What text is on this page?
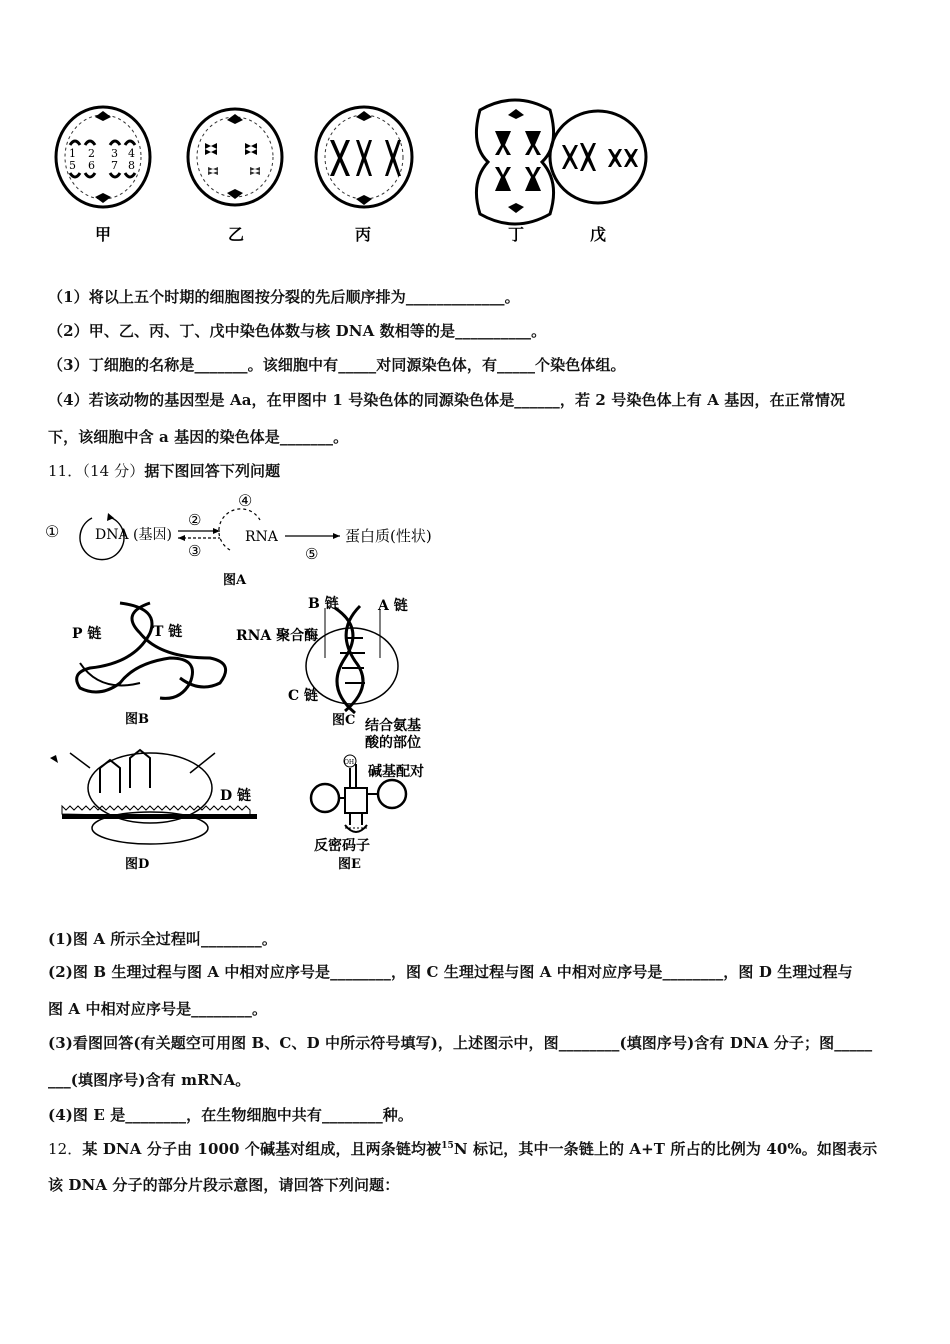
1
5
2
6
3
7
4
8
甲	乙	丙	丁	戊
（1）将以上五个时期的细胞图按分裂的先后顺序排为_____________。
（2）甲、乙、丙、丁、戊中染色体数与核 DNA 数相等的是__________。
（3）丁细胞的名称是_______。该细胞中有_____对同源染色体，有_____个染色体组。
（4）若该动物的基因型是 Aa，在甲图中 1 号染色体的同源染色体是______，若 2 号染色体上有 A 基因，在正常情况
下，该细胞中含 a 基因的染色体是_______。
11．（14 分）据下图回答下列问题
①	DNA (基因)
②
③
④
RNA
⑤
蛋白质(性状)
图A
P 链	T 链
图B
B 链	A 链
RNA 聚合酶
C 链
图C
D 链
图D
结合氨基
酸的部位
OH
碱基配对
反密码子
图E
(1)图 A 所示全过程叫________。
(2)图 B 生理过程与图 A 中相对应序号是________，图 C 生理过程与图 A 中相对应序号是________，图 D 生理过程与
图 A 中相对应序号是________。
(3)看图回答(有关题空可用图 B、C、D 中所示符号填写)，上述图示中，图________(填图序号)含有 DNA 分子；图_____
___(填图序号)含有 mRNA。
(4)图 E 是________，在生物细胞中共有________种。
12．某 DNA 分子由 1000 个碱基对组成，且两条链均被$^{15}$N 标记，其中一条链上的 A+T 所占的比例为 40%。如图表示
该 DNA 分子的部分片段示意图，请回答下列问题：
